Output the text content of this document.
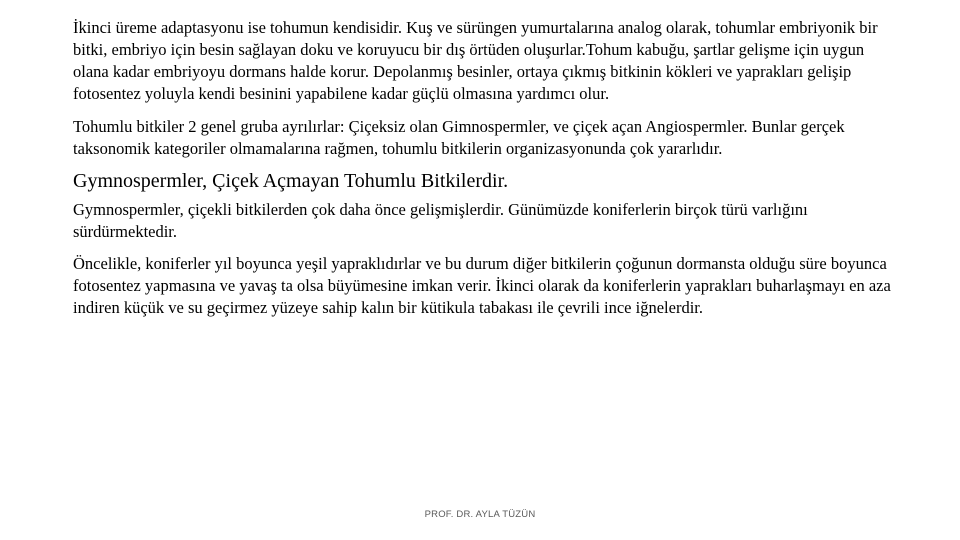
İkinci üreme adaptasyonu ise tohumun kendisidir. Kuş ve sürüngen yumurtalarına analog olarak, tohumlar embriyonik bir bitki, embriyo için besin sağlayan doku ve koruyucu bir dış örtüden oluşurlar.Tohum kabuğu, şartlar gelişme için uygun olana kadar embriyoyu dormans halde korur. Depolanmış besinler, ortaya çıkmış bitkinin kökleri ve yaprakları gelişip fotosentez yoluyla kendi besinini yapabilene kadar güçlü olmasına yardımcı olur.

Tohumlu bitkiler 2 genel gruba ayrılırlar: Çiçeksiz olan Gimnospermler, ve çiçek açan Angiospermler. Bunlar gerçek taksonomik kategoriler olmamalarına rağmen, tohumlu bitkilerin organizasyonunda çok yararlıdır.

Gymnospermler, Çiçek Açmayan Tohumlu Bitkilerdir.

Gymnospermler, çiçekli bitkilerden çok daha önce gelişmişlerdir. Günümüzde koniferlerin birçok türü varlığını sürdürmektedir.

Öncelikle, koniferler yıl boyunca yeşil yapraklıdırlar ve bu durum diğer bitkilerin çoğunun dormansta olduğu süre boyunca fotosentez yapmasına ve yavaş ta olsa büyümesine imkan verir. İkinci olarak da koniferlerin yaprakları buharlaşmayı en aza indiren küçük ve su geçirmez yüzeye sahip kalın bir kütikula tabakası ile çevrili ince iğnelerdir.

PROF. DR. AYLA TÜZÜN
